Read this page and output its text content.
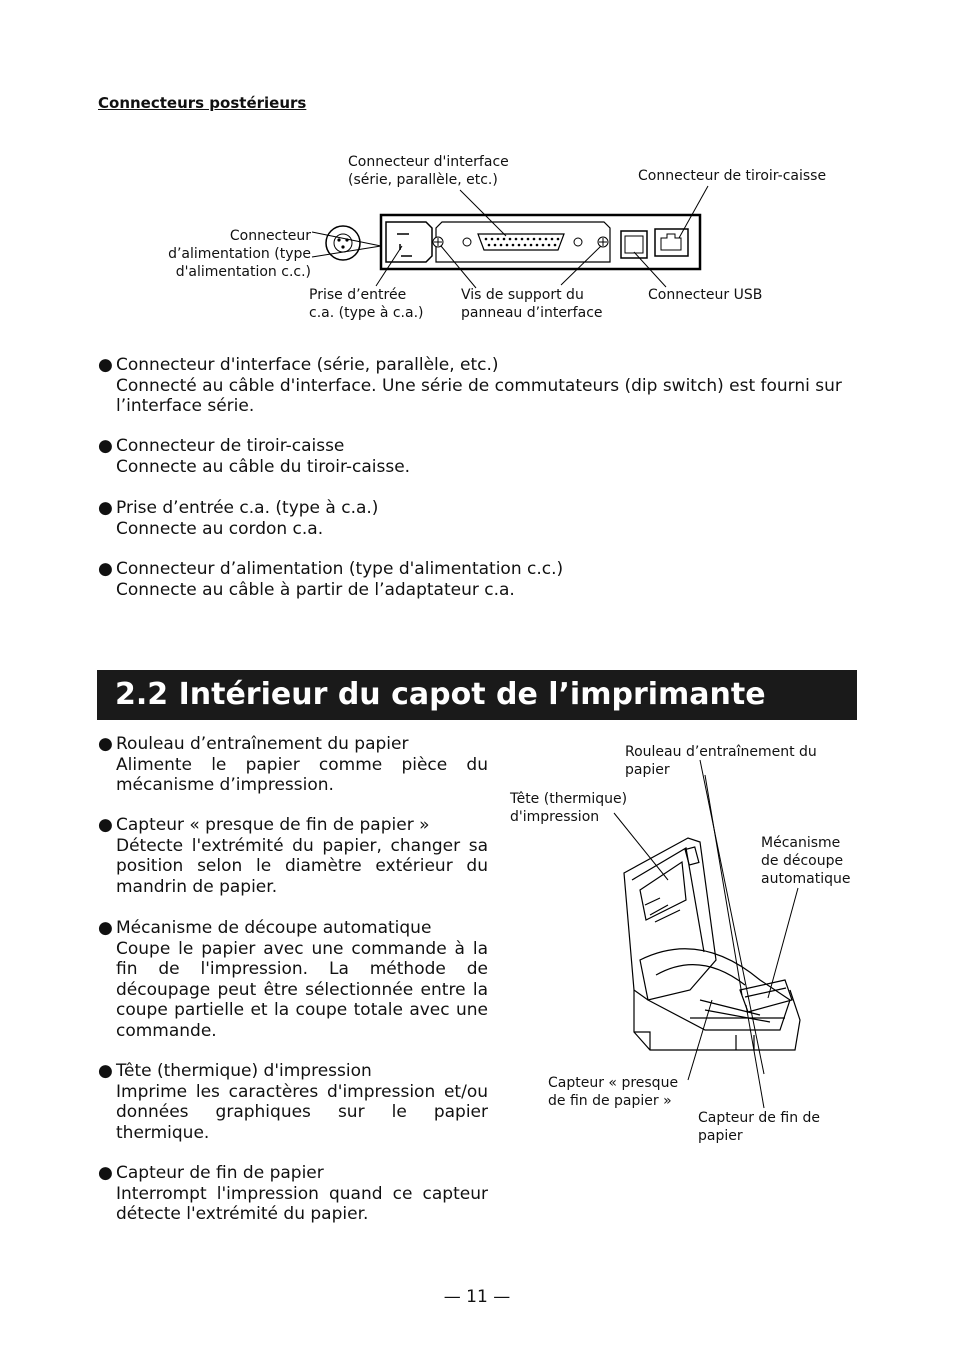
Connecteurs postérieurs
Connecteur d'interface
(série, parallèle, etc.)	Connecteur de tiroir-caisse
Connecteur
d’alimentation (type
d'alimentation c.c.)
Prise d’entrée
c.a. (type à c.a.)
Vis de support du
panneau d’interface
Connecteur USB
● Connecteur d'interface (série, parallèle, etc.)
Connecté au câble d'interface. Une série de commutateurs (dip switch) est fourni sur
l’interface série.
● Connecteur de tiroir-caisse
Connecte au câble du tiroir-caisse.
● Prise d’entrée c.a. (type à c.a.)
Connecte au cordon c.a.
● Connecteur d’alimentation (type d'alimentation c.c.)
Connecte au câble à partir de l’adaptateur c.a.
2.2 Intérieur du capot de l’imprimante
● Rouleau d’entraînement du papier
Alimente le papier comme pièce du mécanisme d’impression.
● Capteur « presque de fin de papier »
Détecte l'extrémité du papier, changer sa position selon le diamètre extérieur du mandrin de papier.
● Mécanisme de découpe automatique
Coupe le papier avec une commande à la fin de l'impression. La méthode de découpage peut être sélectionnée entre la coupe partielle et la coupe totale avec une commande.
● Tête (thermique) d'impression
Imprime les caractères d'impression et/ou données graphiques sur le papier thermique.
● Capteur de fin de papier
Interrompt l'impression quand ce capteur détecte l'extrémité du papier.
Rouleau d’entraînement du
papier
Tête (thermique)
d'impression
Mécanisme
de découpe
automatique
Capteur « presque
de fin de papier »
Capteur de fin de
papier
— 11 —
